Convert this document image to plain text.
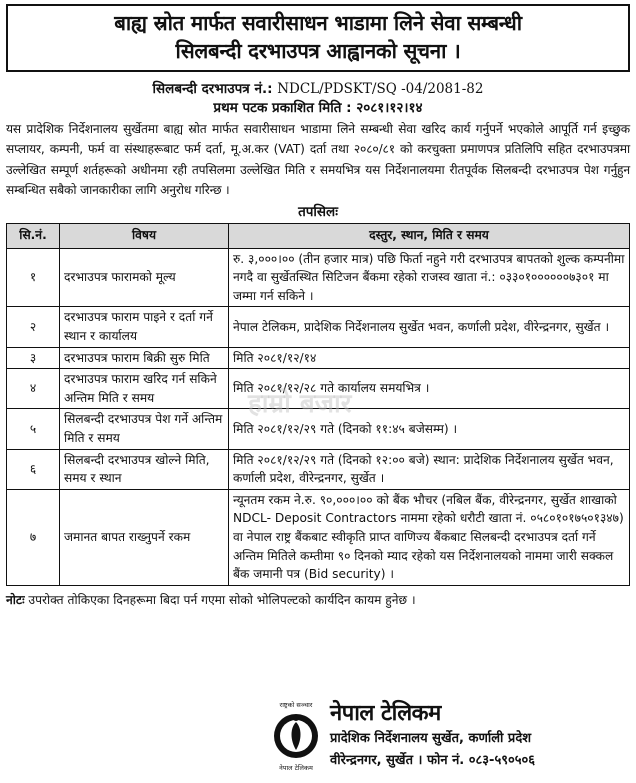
बाह्य स्रोत मार्फत सवारीसाधन भाडामा लिने सेवा सम्बन्धी
सिलबन्दी दरभाउपत्र आह्वानको सूचना ।
सिलबन्दी दरभाउपत्र नं.: NDCL/PDSKT/SQ -04/2081-82
प्रथम पटक प्रकाशित मिति : २०८१।१२।१४
यस प्रादेशिक निर्देशनालय सुर्खेतमा बाह्य स्रोत मार्फत सवारीसाधन भाडामा लिने सम्बन्धी सेवा खरिद कार्य गर्नुपर्ने भएकोले आपूर्ति गर्न इच्छुक सप्लायर, कम्पनी, फर्म वा संस्थाहरूबाट फर्म दर्ता, मू.अ.कर (VAT) दर्ता तथा २०८०/८१ को करचुक्ता प्रमाणपत्र प्रतिलिपि सहित दरभाउपत्रमा उल्लेखित सम्पूर्ण शर्तहरूको अधीनमा रही तपसिलमा उल्लेखित मिति र समयभित्र यस निर्देशनालयमा रीतपूर्वक सिलबन्दी दरभाउपत्र पेश गर्नुहुन सम्बन्धित सबैको जानकारीका लागि अनुरोध गरिन्छ ।
तपसिलः
सि.नं.	विषय	दस्तुर, स्थान, मिति र समय
१	दरभाउपत्र फारामको मूल्य	रु. ३,०००।०० (तीन हजार मात्र) पछि फिर्ता नहुने गरी दरभाउपत्र बापतको शुल्क कम्पनीमा नगदै वा सुर्खेतस्थित सिटिजन बैंकमा रहेको राजस्व खाता नं.: ०३३०१००००००७३०१ मा जम्मा गर्न सकिने ।
२	दरभाउपत्र फाराम पाइने र दर्ता गर्ने स्थान र कार्यालय	नेपाल टेलिकम, प्रादेशिक निर्देशनालय सुर्खेत भवन, कर्णाली प्रदेश, वीरेन्द्रनगर, सुर्खेत ।
३	दरभाउपत्र फाराम बिक्री सुरु मिति	मिति २०८१/१२/१४
४	दरभाउपत्र फाराम खरिद गर्न सकिने अन्तिम मिति र समय	मिति २०८१/१२/२८ गते कार्यालय समयभित्र ।
५	सिलबन्दी दरभाउपत्र पेश गर्ने अन्तिम मिति र समय	मिति २०८१/१२/२९ गते (दिनको ११:४५ बजेसम्म) ।
६	सिलबन्दी दरभाउपत्र खोल्ने मिति, समय र स्थान	मिति २०८१/१२/२९ गते (दिनको १२:०० बजे) स्थान: प्रादेशिक निर्देशनालय सुर्खेत भवन, कर्णाली प्रदेश, वीरेन्द्रनगर, सुर्खेत ।
७	जमानत बापत राख्नुपर्ने रकम	न्यूनतम रकम ने.रु. ९०,०००।०० को बैंक भौचर (नबिल बैंक, वीरेन्द्रनगर, सुर्खेत शाखाको NDCL- Deposit Contractors नाममा रहेको धरौटी खाता नं. ०५८०१०१७५०१३४७) वा नेपाल राष्ट्र बैंकबाट स्वीकृति प्राप्त वाणिज्य बैंकबाट सिलबन्दी दरभाउपत्र दर्ता गर्ने अन्तिम मितिले कम्तीमा ९० दिनको म्याद रहेको यस निर्देशनालयको नाममा जारी सक्कल बैंक जमानी पत्र (Bid security) ।
नोटः उपरोक्त तोकिएका दिनहरूमा बिदा पर्न गएमा सोको भोलिपल्टको कार्यदिन कायम हुनेछ ।
हाम्रो बजार
राष्ट्रको सञ्चार
नेपाल टेलिकम
नेपाल टेलिकम
प्रादेशिक निर्देशनालय सुर्खेत, कर्णाली प्रदेश
वीरेन्द्रनगर, सुर्खेत । फोन नं. ०८३-५९०५०६
